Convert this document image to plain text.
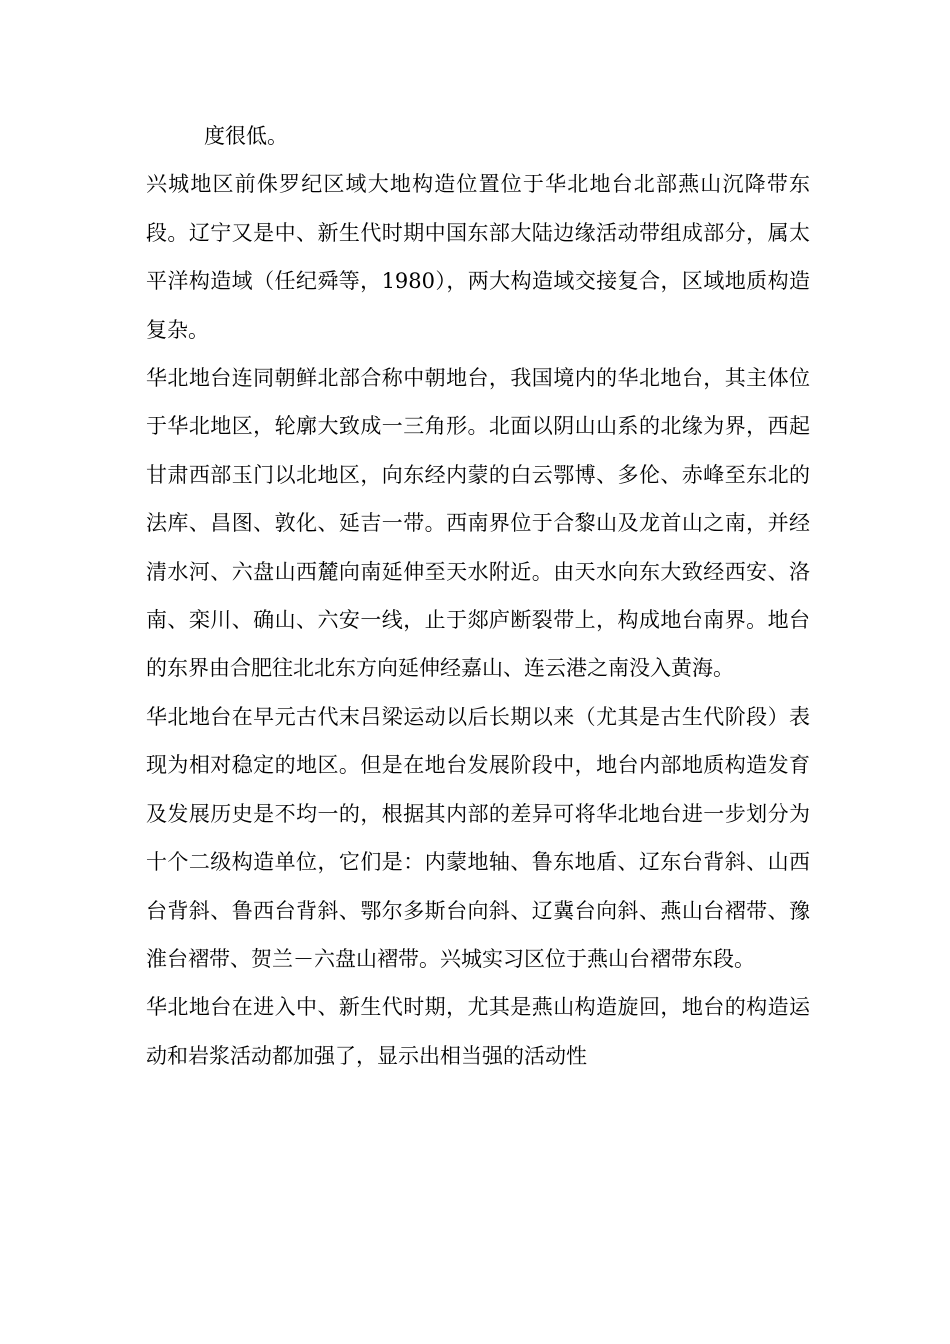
度很低。

兴城地区前侏罗纪区域大地构造位置位于华北地台北部燕山沉降带东段。辽宁又是中、新生代时期中国东部大陆边缘活动带组成部分，属太平洋构造域（任纪舜等，1980），两大构造域交接复合，区域地质构造复杂。

华北地台连同朝鲜北部合称中朝地台，我国境内的华北地台，其主体位于华北地区，轮廓大致成一三角形。北面以阴山山系的北缘为界，西起甘肃西部玉门以北地区，向东经内蒙的白云鄂博、多伦、赤峰至东北的法库、昌图、敦化、延吉一带。西南界位于合黎山及龙首山之南，并经清水河、六盘山西麓向南延伸至天水附近。由天水向东大致经西安、洛南、栾川、确山、六安一线，止于郯庐断裂带上，构成地台南界。地台的东界由合肥往北北东方向延伸经嘉山、连云港之南没入黄海。

华北地台在早元古代末吕梁运动以后长期以来（尤其是古生代阶段）表现为相对稳定的地区。但是在地台发展阶段中，地台内部地质构造发育及发展历史是不均一的，根据其内部的差异可将华北地台进一步划分为十个二级构造单位，它们是：内蒙地轴、鲁东地盾、辽东台背斜、山西台背斜、鲁西台背斜、鄂尔多斯台向斜、辽冀台向斜、燕山台褶带、豫淮台褶带、贺兰－六盘山褶带。兴城实习区位于燕山台褶带东段。

华北地台在进入中、新生代时期，尤其是燕山构造旋回，地台的构造运动和岩浆活动都加强了，显示出相当强的活动性
